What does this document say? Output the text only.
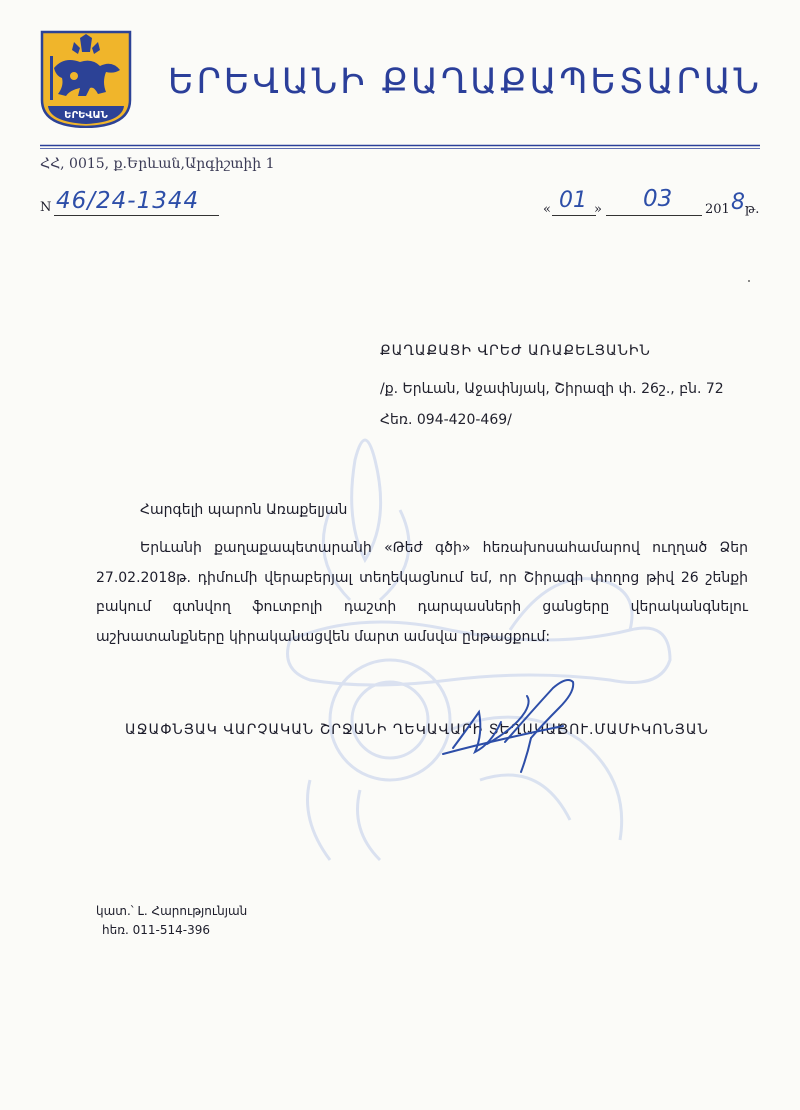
ԵՐԵՎԱՆ
ԵՐԵՎԱՆԻ ՔԱՂԱՔԱՊԵՏԱՐԱՆ
ՀՀ, 0015, ք.Երևան,Արգիշտիի 1
N 46/24-1344	« 01 » 03	201 8 թ.
ՔԱՂԱՔԱՑԻ ՎՐԵԺ ԱՌԱՔԵԼՅԱՆԻՆ
/ք. Երևան, Աջափնյակ, Շիրազի փ. 26շ., բն. 72
Հեռ. 094-420-469/
Հարգելի պարոն Առաքելյան
Երևանի քաղաքապետարանի «Թեժ գծի» հեռախոսահամարով ուղղած Ձեր 27.02.2018թ. դիմումի վերաբերյալ տեղեկացնում եմ, որ Շիրազի փողոց թիվ 26 շենքի բակում գտնվող ֆուտբոլի դաշտի դարպասների ցանցերը վերականգնելու աշխատանքները կիրականացվեն մարտ ամսվա ընթացքում:
ԱՋԱՓՆՅԱԿ ՎԱՐՉԱԿԱՆ ՇՐՋԱՆԻ ՂԵԿԱՎԱՐԻ ՏԵՂԱԿԱԼ
ՅՈՒ.ՄԱՄԻԿՈՆՅԱՆ
կատ.՝ Լ. Հարությունյան
հեռ. 011-514-396
